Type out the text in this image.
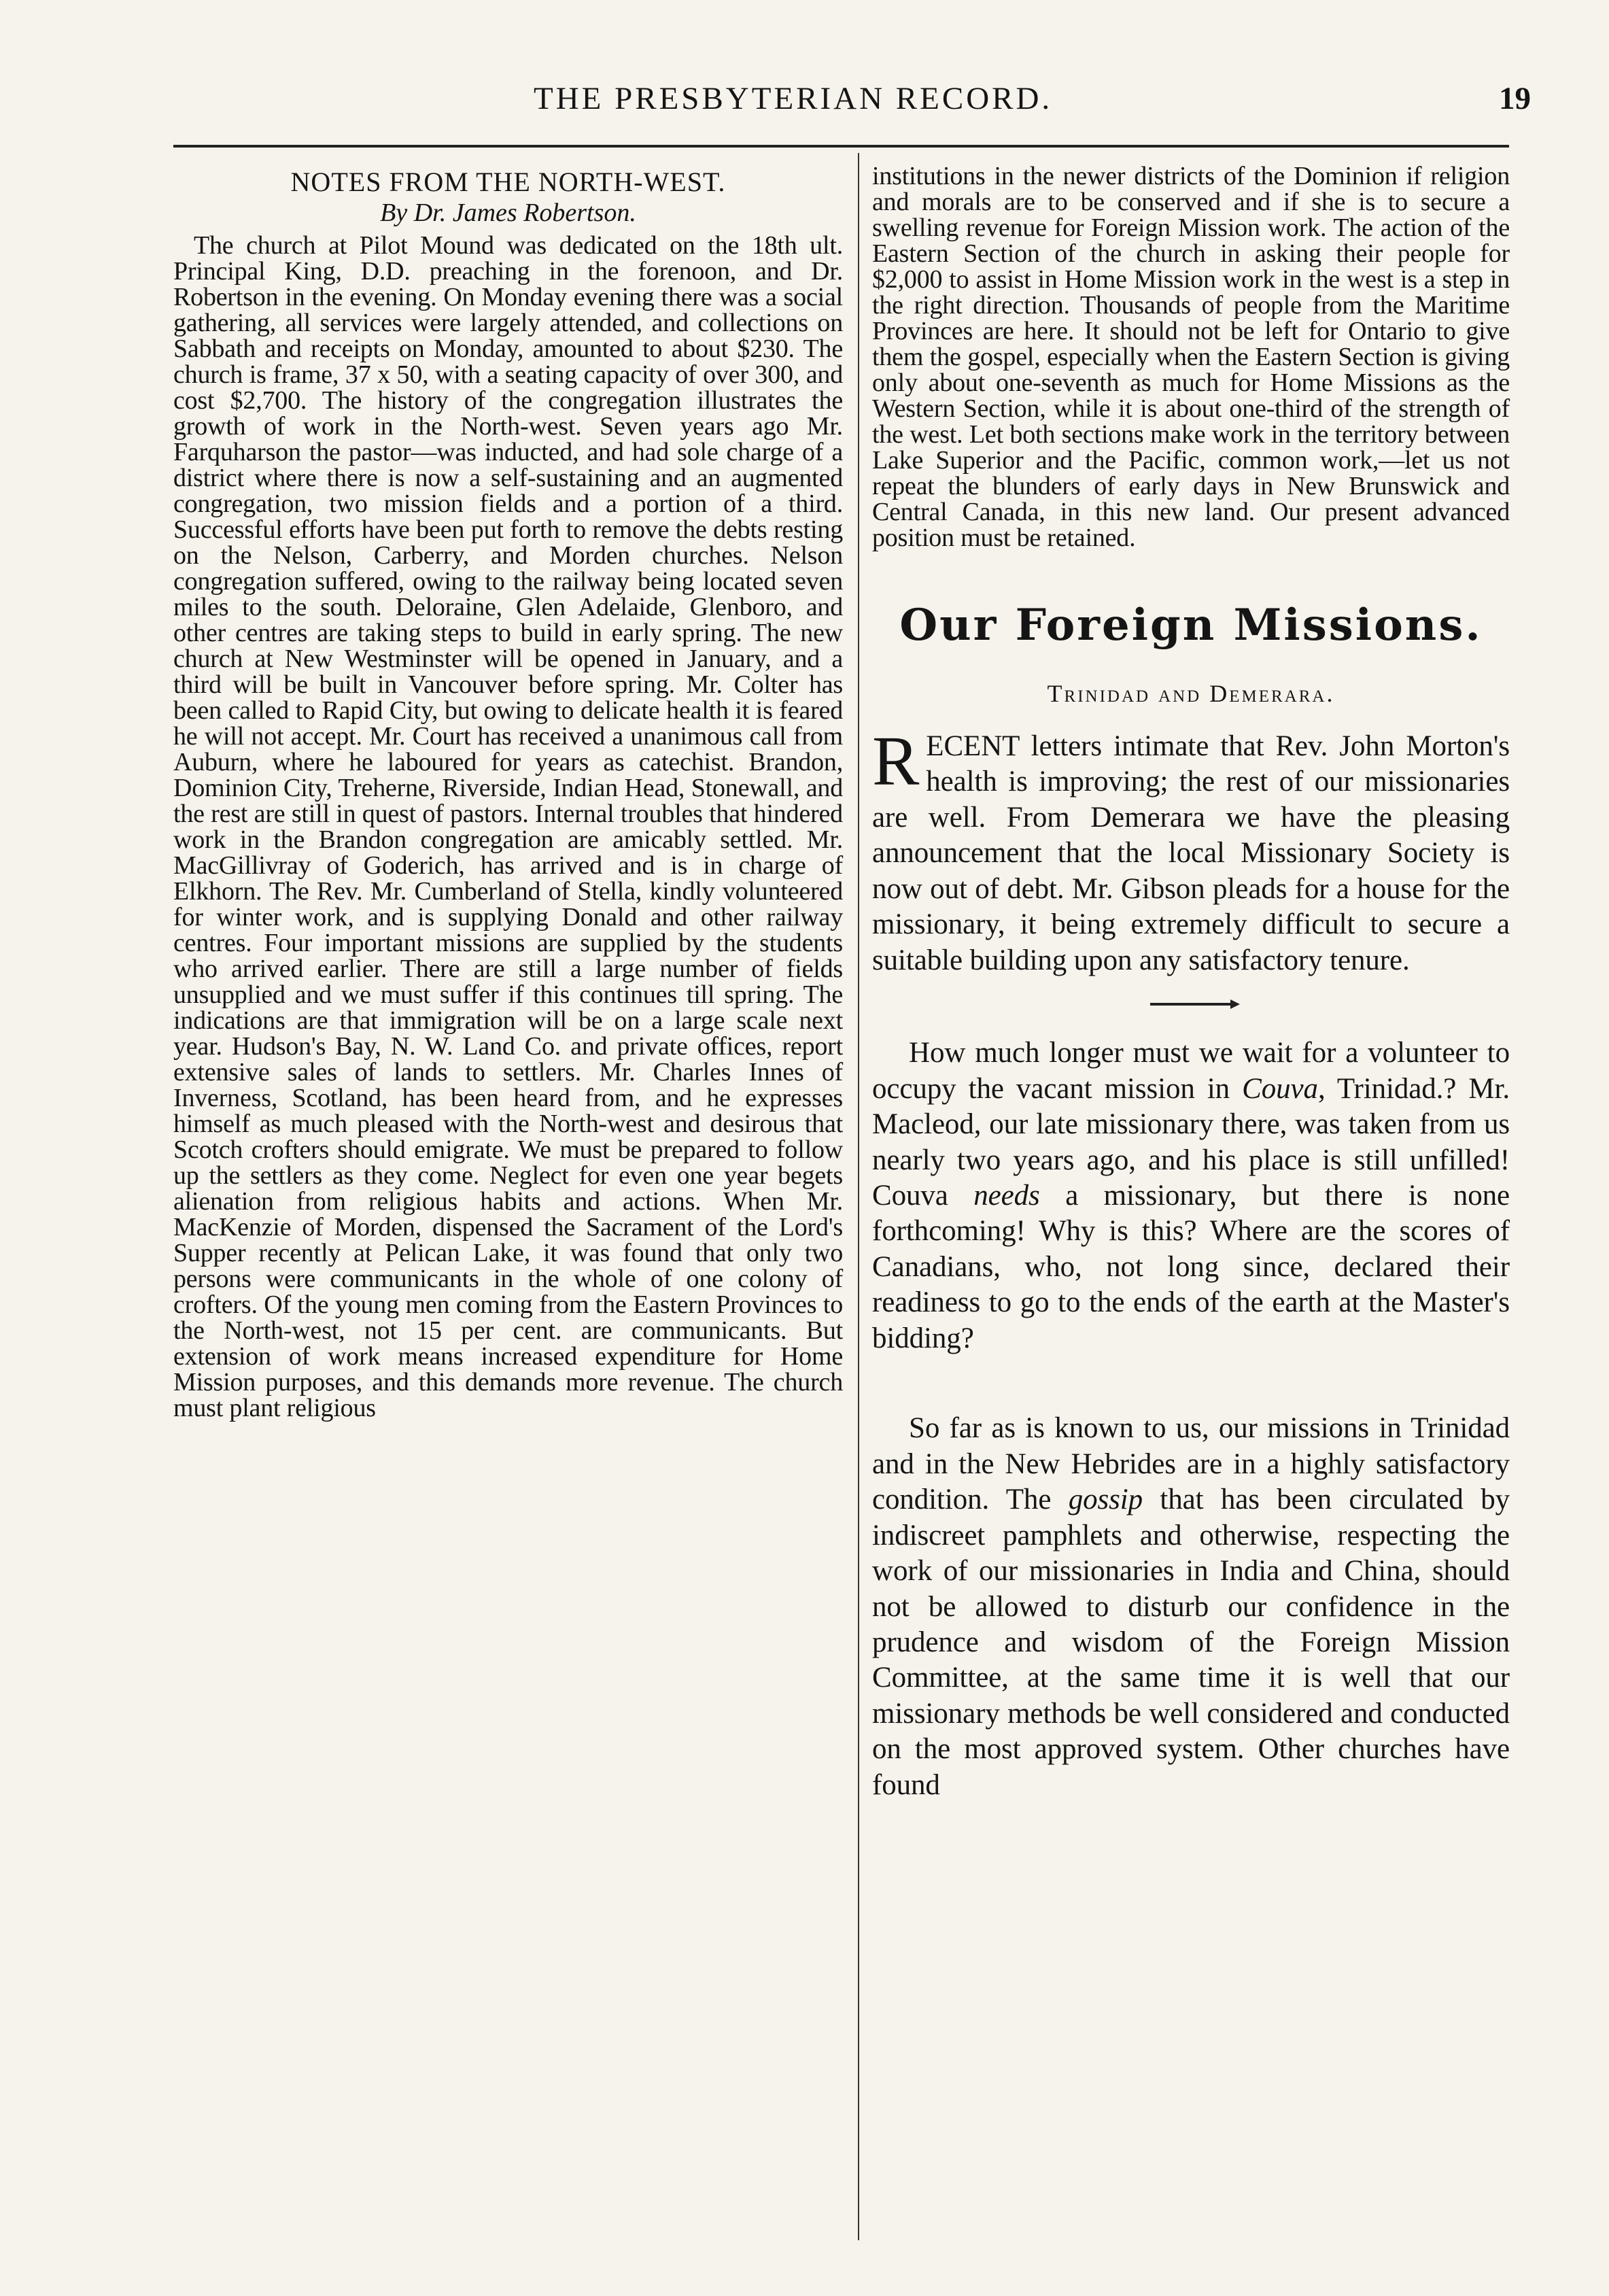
THE PRESBYTERIAN RECORD.	19
NOTES FROM THE NORTH-WEST.
By Dr. James Robertson.

The church at Pilot Mound was dedicated on the 18th ult. Principal King, D.D. preaching in the forenoon, and Dr. Robertson in the evening. On Monday evening there was a social gathering, all services were largely attended, and collections on Sabbath and receipts on Monday, amounted to about $230. The church is frame, 37 x 50, with a seating capacity of over 300, and cost $2,700. The history of the congregation illustrates the growth of work in the North-west. Seven years ago Mr. Farquharson the pastor—was inducted, and had sole charge of a district where there is now a self-sustaining and an augmented congregation, two mission fields and a portion of a third. Successful efforts have been put forth to remove the debts resting on the Nelson, Carberry, and Morden churches. Nelson congregation suffered, owing to the railway being located seven miles to the south. Deloraine, Glen Adelaide, Glenboro, and other centres are taking steps to build in early spring. The new church at New Westminster will be opened in January, and a third will be built in Vancouver before spring. Mr. Colter has been called to Rapid City, but owing to delicate health it is feared he will not accept. Mr. Court has received a unanimous call from Auburn, where he laboured for years as catechist. Brandon, Dominion City, Treherne, Riverside, Indian Head, Stonewall, and the rest are still in quest of pastors. Internal troubles that hindered work in the Brandon congregation are amicably settled. Mr. MacGillivray of Goderich, has arrived and is in charge of Elkhorn. The Rev. Mr. Cumberland of Stella, kindly volunteered for winter work, and is supplying Donald and other railway centres. Four important missions are supplied by the students who arrived earlier. There are still a large number of fields unsupplied and we must suffer if this continues till spring. The indications are that immigration will be on a large scale next year. Hudson's Bay, N. W. Land Co. and private offices, report extensive sales of lands to settlers. Mr. Charles Innes of Inverness, Scotland, has been heard from, and he expresses himself as much pleased with the North-west and desirous that Scotch crofters should emigrate. We must be prepared to follow up the settlers as they come. Neglect for even one year begets alienation from religious habits and actions. When Mr. MacKenzie of Morden, dispensed the Sacrament of the Lord's Supper recently at Pelican Lake, it was found that only two persons were communicants in the whole of one colony of crofters. Of the young men coming from the Eastern Provinces to the North-west, not 15 per cent. are communicants. But extension of work means increased expenditure for Home Mission purposes, and this demands more revenue. The church must plant religious

institutions in the newer districts of the Dominion if religion and morals are to be conserved and if she is to secure a swelling revenue for Foreign Mission work. The action of the Eastern Section of the church in asking their people for $2,000 to assist in Home Mission work in the west is a step in the right direction. Thousands of people from the Maritime Provinces are here. It should not be left for Ontario to give them the gospel, especially when the Eastern Section is giving only about one-seventh as much for Home Missions as the Western Section, while it is about one-third of the strength of the west. Let both sections make work in the territory between Lake Superior and the Pacific, common work,—let us not repeat the blunders of early days in New Brunswick and Central Canada, in this new land. Our present advanced position must be retained.

Our Foreign Missions.
Trinidad and Demerara.

RECENT letters intimate that Rev. John Morton's health is improving; the rest of our missionaries are well. From Demerara we have the pleasing announcement that the local Missionary Society is now out of debt. Mr. Gibson pleads for a house for the missionary, it being extremely difficult to secure a suitable building upon any satisfactory tenure.

How much longer must we wait for a volunteer to occupy the vacant mission in Couva, Trinidad.? Mr. Macleod, our late missionary there, was taken from us nearly two years ago, and his place is still unfilled! Couva needs a missionary, but there is none forthcoming! Why is this? Where are the scores of Canadians, who, not long since, declared their readiness to go to the ends of the earth at the Master's bidding?

So far as is known to us, our missions in Trinidad and in the New Hebrides are in a highly satisfactory condition. The gossip that has been circulated by indiscreet pamphlets and otherwise, respecting the work of our missionaries in India and China, should not be allowed to disturb our confidence in the prudence and wisdom of the Foreign Mission Committee, at the same time it is well that our missionary methods be well considered and conducted on the most approved system. Other churches have found
